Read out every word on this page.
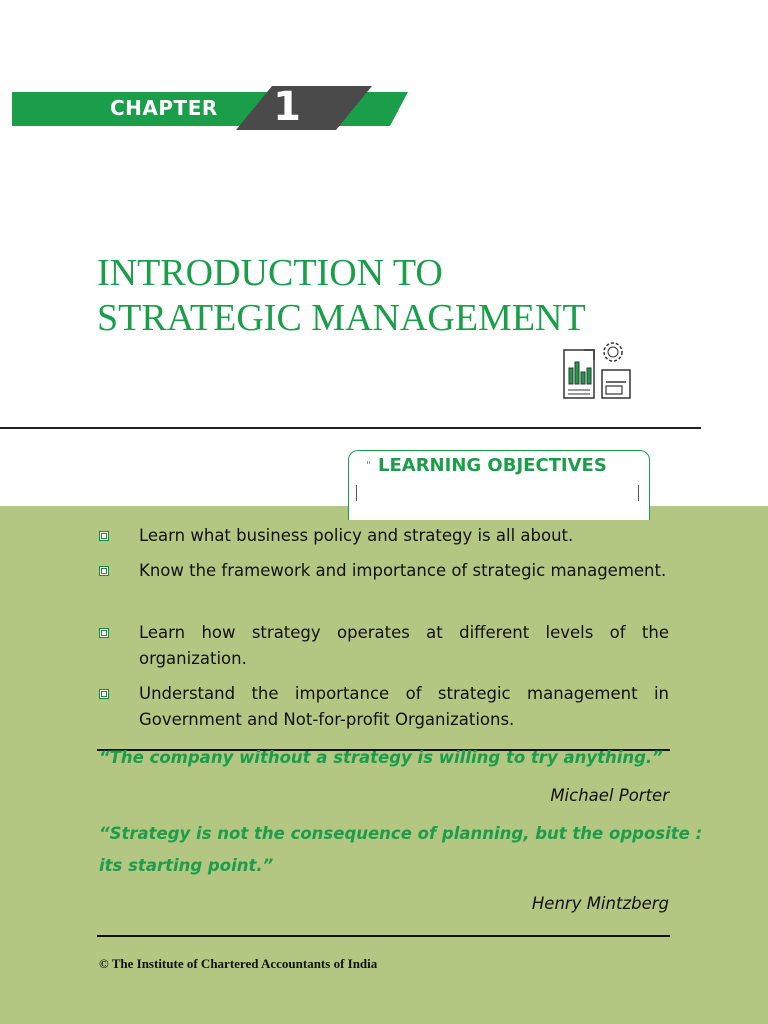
CHAPTER 1
INTRODUCTION TO
STRATEGIC MANAGEMENT
" LEARNING OBJECTIVES
Learn what business policy and strategy is all about.
Know the framework and importance of strategic management.
Learn how strategy operates at different levels of the organization.
Understand the importance of strategic management in Government and Not-for-profit Organizations.
“The company without a strategy is willing to try anything.”
Michael Porter
“Strategy is not the consequence of planning, but the opposite :
its starting point.”
Henry Mintzberg
© The Institute of Chartered Accountants of India
